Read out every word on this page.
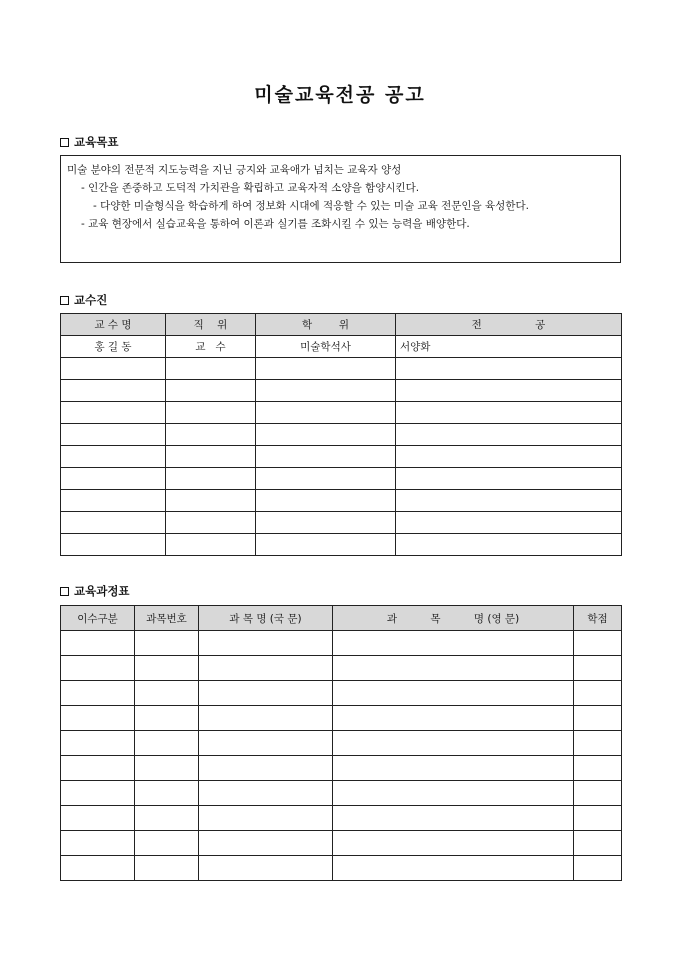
미술교육전공 공고
교육목표
미술 분야의 전문적 지도능력을 지닌 긍지와 교육애가 넘치는 교육자 양성
- 인간을 존중하고 도덕적 가치관을 확립하고 교육자적 소양을 함양시킨다.
- 다양한 미술형식을 학습하게 하여 정보화 시대에 적응할 수 있는 미술 교육 전문인을 육성한다.
- 교육 현장에서 실습교육을 통하여 이론과 실기를 조화시킬 수 있는 능력을 배양한다.
교수진
교 수 명	직    위	학        위	전                공
홍 길 동	교   수	미술학석사	서양화

교육과정표
이수구분	과목번호	과 목 명 (국 문)	과          목          명 (영 문)	학점
